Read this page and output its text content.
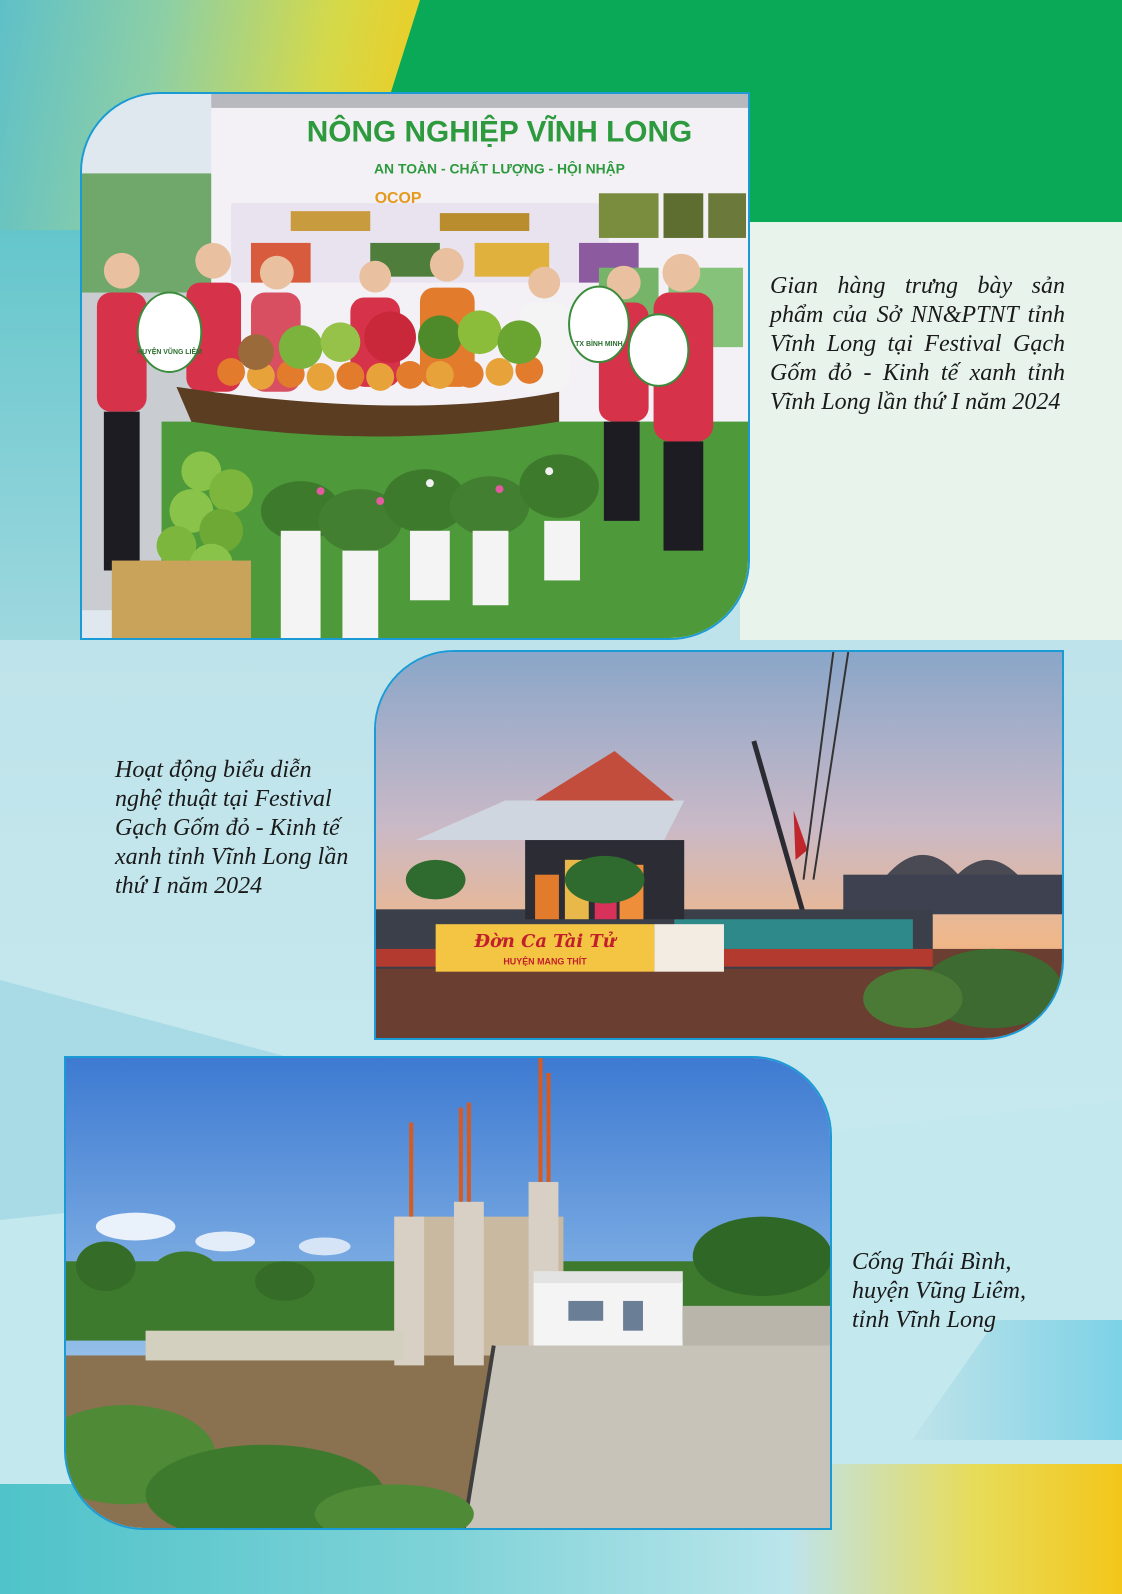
NÔNG NGHIỆP VĨNH LONG
AN TOÀN - CHẤT LƯỢNG - HỘI NHẬP
OCOP
HUYỆN VŨNG LIÊM
TX BÌNH MINH

Gian hàng trưng bày sản phẩm của Sở NN&PTNT tỉnh Vĩnh Long tại Festival Gạch Gốm đỏ - Kinh tế xanh tỉnh Vĩnh Long lần thứ I năm 2024

Đờn Ca Tài Tử
HUYỆN MANG THÍT

Hoạt động biểu diễn nghệ thuật tại Festival Gạch Gốm đỏ - Kinh tế xanh tỉnh Vĩnh Long lần thứ I năm 2024

Cống Thái Bình, huyện Vũng Liêm, tỉnh Vĩnh Long
